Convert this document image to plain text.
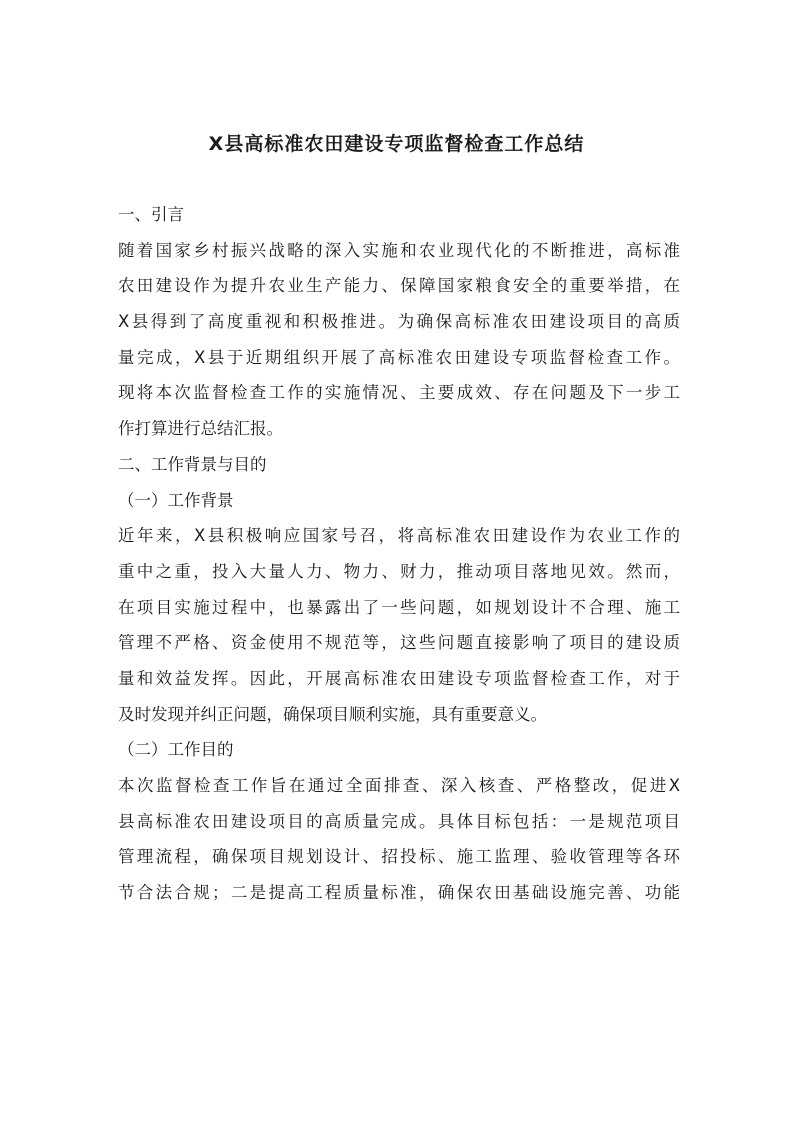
X县高标准农田建设专项监督检查工作总结
一、引言
随着国家乡村振兴战略的深入实施和农业现代化的不断推进，高标准
农田建设作为提升农业生产能力、保障国家粮食安全的重要举措，在
X县得到了高度重视和积极推进。为确保高标准农田建设项目的高质
量完成，X县于近期组织开展了高标准农田建设专项监督检查工作。
现将本次监督检查工作的实施情况、主要成效、存在问题及下一步工
作打算进行总结汇报。
二、工作背景与目的
（一）工作背景
近年来，X县积极响应国家号召，将高标准农田建设作为农业工作的
重中之重，投入大量人力、物力、财力，推动项目落地见效。然而，
在项目实施过程中，也暴露出了一些问题，如规划设计不合理、施工
管理不严格、资金使用不规范等，这些问题直接影响了项目的建设质
量和效益发挥。因此，开展高标准农田建设专项监督检查工作，对于
及时发现并纠正问题，确保项目顺利实施，具有重要意义。
（二）工作目的
本次监督检查工作旨在通过全面排查、深入核查、严格整改，促进X
县高标准农田建设项目的高质量完成。具体目标包括：一是规范项目
管理流程，确保项目规划设计、招投标、施工监理、验收管理等各环
节合法合规；二是提高工程质量标准，确保农田基础设施完善、功能
